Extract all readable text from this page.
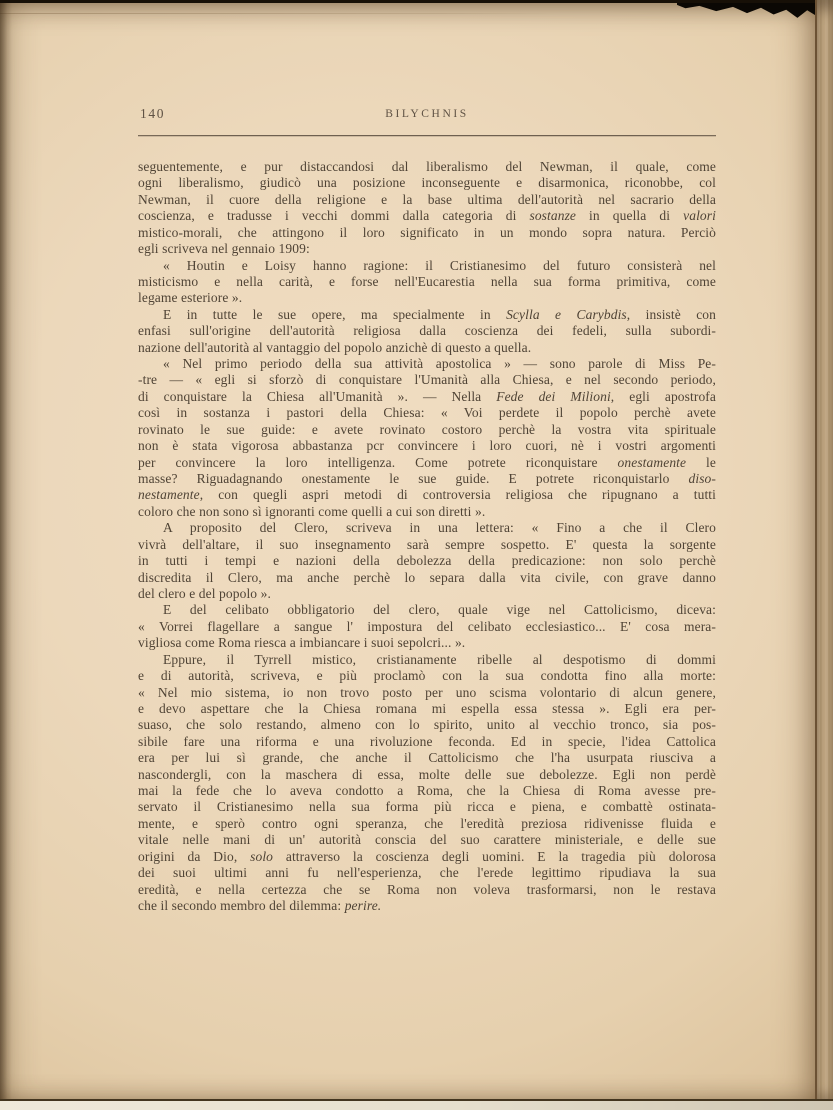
140	BILYCHNIS
seguentemente, e pur distaccandosi dal liberalismo del Newman, il quale, come
ogni liberalismo, giudicò una posizione inconseguente e disarmonica, riconobbe, col
Newman, il cuore della religione e la base ultima dell'autorità nel sacrario della
coscienza, e tradusse i vecchi dommi dalla categoria di sostanze in quella di valori
mistico-morali, che attingono il loro significato in un mondo sopra natura. Perciò
egli scriveva nel gennaio 1909:
« Houtin e Loisy hanno ragione: il Cristianesimo del futuro consisterà nel
misticismo e nella carità, e forse nell'Eucarestia nella sua forma primitiva, come
legame esteriore ».
E in tutte le sue opere, ma specialmente in Scylla e Carybdis, insistè con
enfasi sull'origine dell'autorità religiosa dalla coscienza dei fedeli, sulla subordi-
nazione dell'autorità al vantaggio del popolo anzichè di questo a quella.
« Nel primo periodo della sua attività apostolica » — sono parole di Miss Pe-
-tre — « egli si sforzò di conquistare l'Umanità alla Chiesa, e nel secondo periodo,
di conquistare la Chiesa all'Umanità ». — Nella Fede dei Milioni, egli apostrofa
così in sostanza i pastori della Chiesa: « Voi perdete il popolo perchè avete
rovinato le sue guide: e avete rovinato costoro perchè la vostra vita spirituale
non è stata vigorosa abbastanza pcr convincere i loro cuori, nè i vostri argomenti
per convincere la loro intelligenza. Come potrete riconquistare onestamente le
masse? Riguadagnando onestamente le sue guide. E potrete riconquistarlo diso-
nestamente, con quegli aspri metodi di controversia religiosa che ripugnano a tutti
coloro che non sono sì ignoranti come quelli a cui son diretti ».
A proposito del Clero, scriveva in una lettera: « Fino a che il Clero
vivrà dell'altare, il suo insegnamento sarà sempre sospetto. E' questa la sorgente
in tutti i tempi e nazioni della debolezza della predicazione: non solo perchè
discredita il Clero, ma anche perchè lo separa dalla vita civile, con grave danno
del clero e del popolo ».
E del celibato obbligatorio del clero, quale vige nel Cattolicismo, diceva:
« Vorrei flagellare a sangue l' impostura del celibato ecclesiastico... E' cosa mera-
vigliosa come Roma riesca a imbiancare i suoi sepolcri... ».
Eppure, il Tyrrell mistico, cristianamente ribelle al despotismo di dommi
e di autorità, scriveva, e più proclamò con la sua condotta fino alla morte:
« Nel mio sistema, io non trovo posto per uno scisma volontario di alcun genere,
e devo aspettare che la Chiesa romana mi espella essa stessa ». Egli era per-
suaso, che solo restando, almeno con lo spirito, unito al vecchio tronco, sia pos-
sibile fare una riforma e una rivoluzione feconda. Ed in specie, l'idea Cattolica
era per lui sì grande, che anche il Cattolicismo che l'ha usurpata riusciva a
nascondergli, con la maschera di essa, molte delle sue debolezze. Egli non perdè
mai la fede che lo aveva condotto a Roma, che la Chiesa di Roma avesse pre-
servato il Cristianesimo nella sua forma più ricca e piena, e combattè ostinata-
mente, e sperò contro ogni speranza, che l'eredità preziosa ridivenisse fluida e
vitale nelle mani di un' autorità conscia del suo carattere ministeriale, e delle sue
origini da Dio, solo attraverso la coscienza degli uomini. E la tragedia più dolorosa
dei suoi ultimi anni fu nell'esperienza, che l'erede legittimo ripudiava la sua
eredità, e nella certezza che se Roma non voleva trasformarsi, non le restava
che il secondo membro del dilemma: perire.
